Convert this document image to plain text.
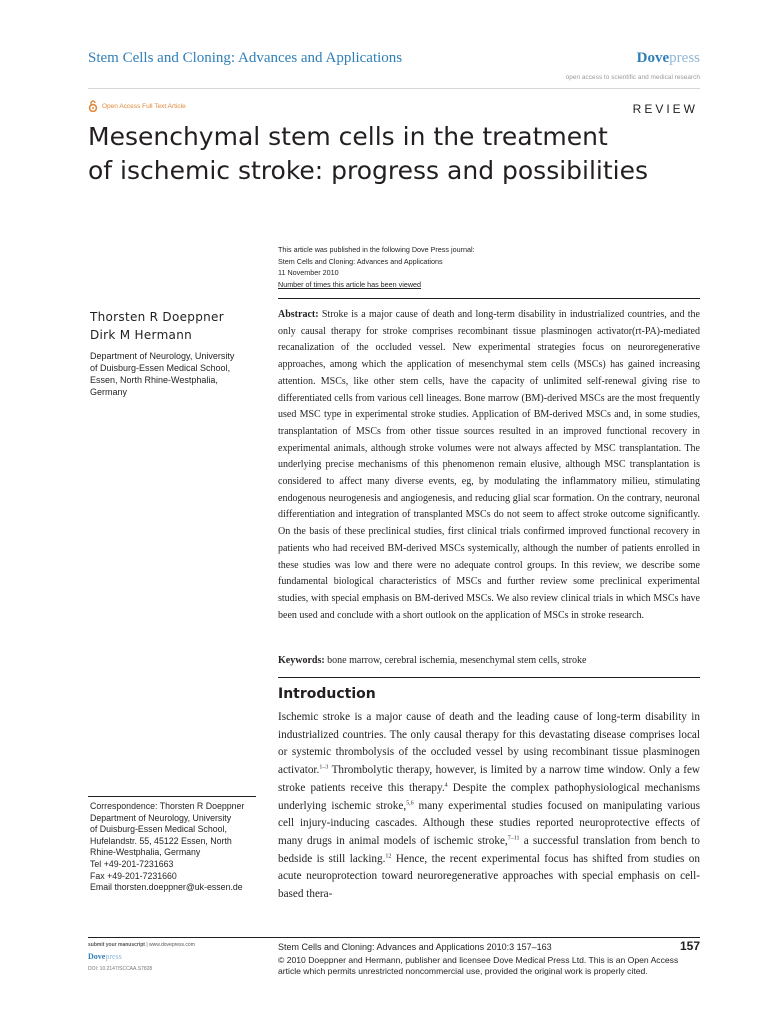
Stem Cells and Cloning: Advances and Applications	Dovepress
open access to scientific and medical research
Open Access Full Text Article	REVIEW
Mesenchymal stem cells in the treatment
of ischemic stroke: progress and possibilities
This article was published in the following Dove Press journal:
Stem Cells and Cloning: Advances and Applications
11 November 2010
Number of times this article has been viewed
Thorsten R Doeppner
Dirk M Hermann
Department of Neurology, University
of Duisburg-Essen Medical School,
Essen, North Rhine-Westphalia,
Germany
Abstract: Stroke is a major cause of death and long-term disability in industrialized countries, and the only causal therapy for stroke comprises recombinant tissue plasminogen activator(rt-PA)-mediated recanalization of the occluded vessel. New experimental strategies focus on neuroregenerative approaches, among which the application of mesenchymal stem cells (MSCs) has gained increasing attention. MSCs, like other stem cells, have the capacity of unlimited self-renewal giving rise to differentiated cells from various cell lineages. Bone marrow (BM)-derived MSCs are the most frequently used MSC type in experimental stroke studies. Application of BM-derived MSCs and, in some studies, transplantation of MSCs from other tissue sources resulted in an improved functional recovery in experimental animals, although stroke volumes were not always affected by MSC transplantation. The underlying precise mechanisms of this phenomenon remain elusive, although MSC transplantation is considered to affect many diverse events, eg, by modulating the inflammatory milieu, stimulating endogenous neurogenesis and angiogenesis, and reducing glial scar formation. On the contrary, neuronal differentiation and integration of transplanted MSCs do not seem to affect stroke outcome significantly. On the basis of these preclinical studies, first clinical trials confirmed improved functional recovery in patients who had received BM-derived MSCs systemically, although the number of patients enrolled in these studies was low and there were no adequate control groups. In this review, we describe some fundamental biological characteristics of MSCs and further review some preclinical experimental studies, with special emphasis on BM-derived MSCs. We also review clinical trials in which MSCs have been used and conclude with a short outlook on the application of MSCs in stroke research.
Keywords: bone marrow, cerebral ischemia, mesenchymal stem cells, stroke
Introduction
Ischemic stroke is a major cause of death and the leading cause of long-term disability in industrialized countries. The only causal therapy for this devastating disease comprises local or systemic thrombolysis of the occluded vessel by using recombinant tissue plasminogen activator.$^{1-3}$ Thrombolytic therapy, however, is limited by a narrow time window. Only a few stroke patients receive this therapy.$^4$ Despite the complex pathophysiological mechanisms underlying ischemic stroke,$^{5,6}$ many experimental studies focused on manipulating various cell injury-inducing cascades. Although these studies reported neuroprotective effects of many drugs in animal models of ischemic stroke,$^{7-11}$ a successful translation from bench to bedside is still lacking.$^{12}$ Hence, the recent experimental focus has shifted from studies on acute neuroprotection toward neuroregenerative approaches with special emphasis on cell-based thera-
Correspondence: Thorsten R Doeppner
Department of Neurology, University
of Duisburg-Essen Medical School,
Hufelandstr. 55, 45122 Essen, North
Rhine-Westphalia, Germany
Tel +49-201-7231663
Fax +49-201-7231660
Email thorsten.doeppner@uk-essen.de
submit your manuscript | www.dovepress.com
Dovepress
DOI: 10.2147/SCCAA.S7828
Stem Cells and Cloning: Advances and Applications 2010:3 157–163	157
© 2010 Doeppner and Hermann, publisher and licensee Dove Medical Press Ltd. This is an Open Access
article which permits unrestricted noncommercial use, provided the original work is properly cited.
